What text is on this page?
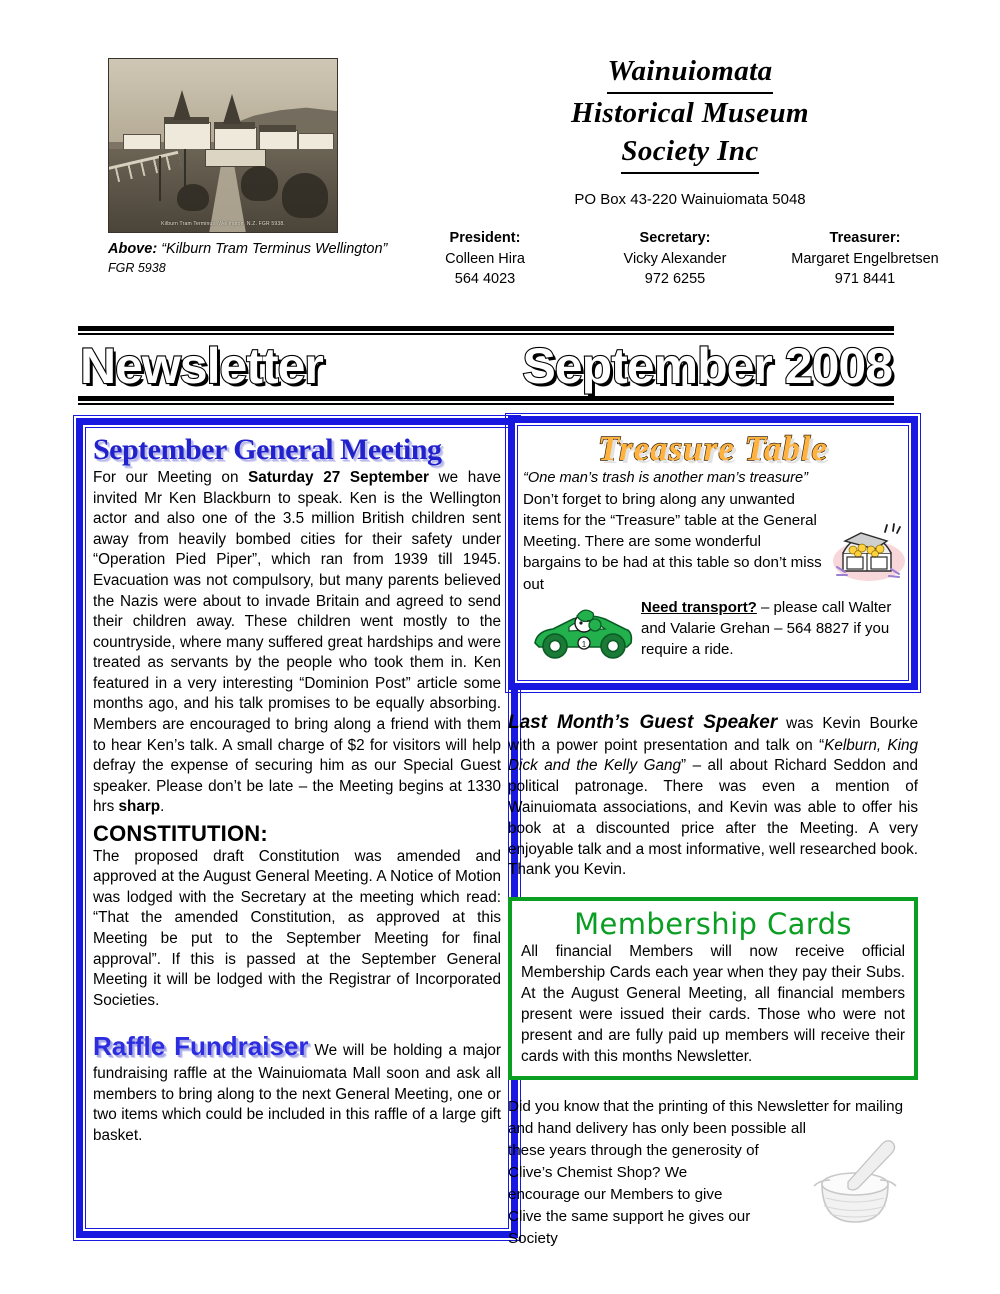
Kilburn Tram Terminus, Wellington. N.Z. FGR 5938.
Above: “Kilburn Tram Terminus Wellington”
FGR 5938
Wainuiomata
Historical Museum
Society Inc
PO Box 43-220 Wainuiomata 5048
President:
Colleen Hira
564 4023
Secretary:
Vicky Alexander
972 6255
Treasurer:
Margaret Engelbretsen
971 8441
Newsletter	September 2008
September General Meeting

For our Meeting on Saturday 27 September we have invited Mr Ken Blackburn to speak. Ken is the Wellington actor and also one of the 3.5 million British children sent away from heavily bombed cities for their safety under “Operation Pied Piper”, which ran from 1939 till 1945. Evacuation was not compulsory, but many parents believed the Nazis were about to invade Britain and agreed to send their children away. These children went mostly to the countryside, where many suffered great hardships and were treated as servants by the people who took them in. Ken featured in a very interesting “Dominion Post” article some months ago, and his talk promises to be equally absorbing. Members are encouraged to bring along a friend with them to hear Ken’s talk. A small charge of $2 for visitors will help defray the expense of securing him as our Special Guest speaker. Please don’t be late – the Meeting begins at 1330 hrs sharp.

CONSTITUTION:
The proposed draft Constitution was amended and approved at the August General Meeting. A Notice of Motion was lodged with the Secretary at the meeting which read: “That the amended Constitution, as approved at this Meeting be put to the September Meeting for final approval”. If this is passed at the September General Meeting it will be lodged with the Registrar of Incorporated Societies.

Raffle Fundraiser We will be holding a major fundraising raffle at the Wainuiomata Mall soon and ask all members to bring along to the next General Meeting, one or two items which could be included in this raffle of a large gift basket.

Treasure Table
“One man’s trash is another man’s treasure”
Don’t forget to bring along any unwanted items for the “Treasure” table at the General Meeting. There are some wonderful bargains to be had at this table so don’t miss out
1
Need transport? – please call Walter and Valarie Grehan – 564 8827 if you require a ride.

Last Month’s Guest Speaker was Kevin Bourke with a power point presentation and talk on “Kelburn, King Dick and the Kelly Gang” – all about Richard Seddon and political patronage. There was even a mention of Wainuiomata associations, and Kevin was able to offer his book at a discounted price after the Meeting. A very enjoyable talk and a most informative, well researched book. Thank you Kevin.

Membership Cards
All financial Members will now receive official Membership Cards each year when they pay their Subs. At the August General Meeting, all financial members present were issued their cards. Those who were not present and are fully paid up members will receive their cards with this months Newsletter.
Did you know that the printing of this Newsletter for mailing and hand delivery has only been possible all
these years through the generosity of Clive’s Chemist Shop? We encourage our Members to give Clive the same support he gives our Society
